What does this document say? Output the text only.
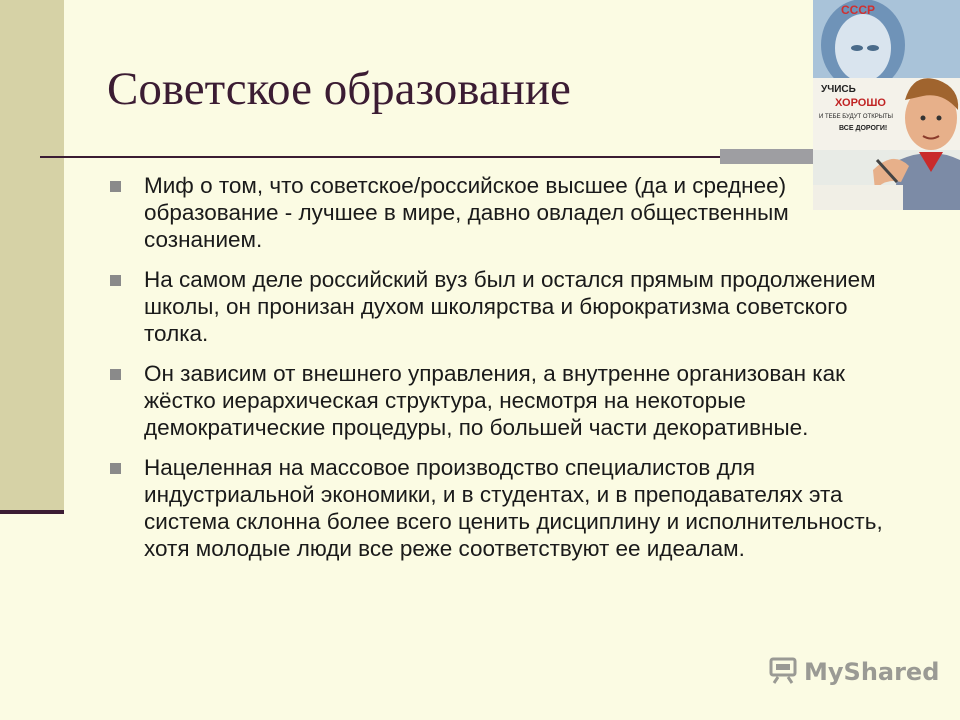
Советское образование
СССР
УЧИСЬ
ХОРОШО
И ТЕБЕ БУДУТ ОТКРЫТЫ
ВСЕ ДОРОГИ!
Миф о том, что советское/российское высшее (да и среднее) образование - лучшее в мире, давно овладел общественным сознанием.
На самом деле российский вуз был и остался прямым продолжением школы, он пронизан духом школярства и бюрократизма советского толка.
Он зависим от внешнего управления, а внутренне организован как жёстко иерархическая структура, несмотря на некоторые демократические процедуры, по большей части декоративные.
Нацеленная на массовое производство специалистов для индустриальной экономики, и в студентах, и в преподавателях эта система склонна более всего ценить дисциплину и исполнительность, хотя молодые люди все реже соответствуют ее идеалам.
MyShared
